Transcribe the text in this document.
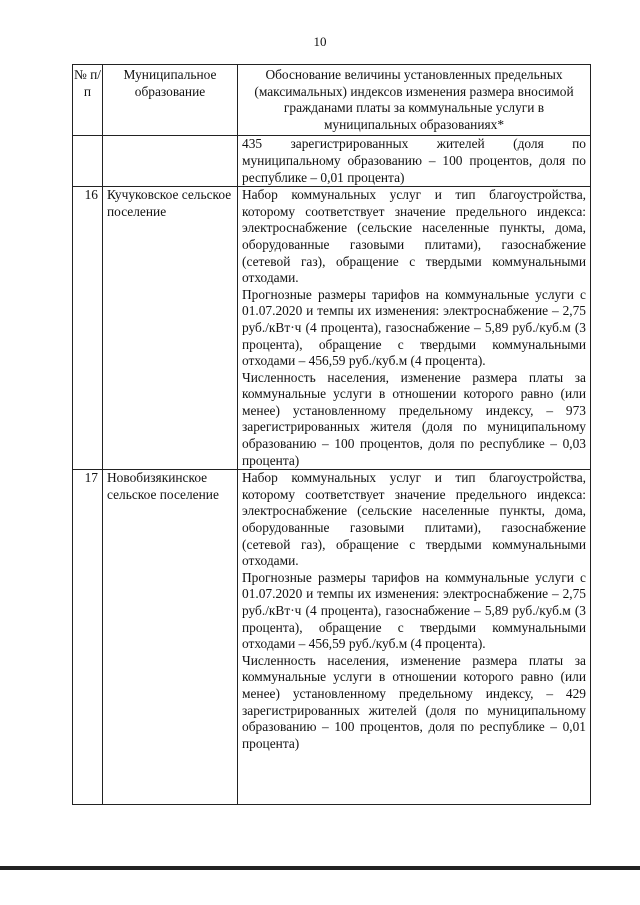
10
№ п/п	Муниципальное образование	Обоснование величины установленных предельных (максимальных) индексов изменения размера вносимой гражданами платы за коммунальные услуги в муниципальных образованиях*

		435 зарегистрированных жителей (доля по муниципальному образованию – 100 процентов, доля по республике – 0,01 процента)

16	Кучуковское сельское поселение	Набор коммунальных услуг и тип благоустройства, которому соответствует значение предельного индекса: электроснабжение (сельские населенные пункты, дома, оборудованные газовыми плитами), газоснабжение (сетевой газ), обращение с твердыми коммунальными отходами.

Прогнозные размеры тарифов на коммунальные услуги с 01.07.2020 и темпы их изменения: электроснабжение – 2,75 руб./кВт·ч (4 процента), газоснабжение – 5,89 руб./куб.м (3 процента), обращение с твердыми коммунальными отходами – 456,59 руб./куб.м (4 процента).

Численность населения, изменение размера платы за коммунальные услуги в отношении которого равно (или менее) установленному предельному индексу, – 973 зарегистрированных жителя (доля по муниципальному образованию – 100 процентов, доля по республике – 0,03 процента)

17	Новобизякинское сельское поселение	Набор коммунальных услуг и тип благоустройства, которому соответствует значение предельного индекса: электроснабжение (сельские населенные пункты, дома, оборудованные газовыми плитами), газоснабжение (сетевой газ), обращение с твердыми коммунальными отходами.

Прогнозные размеры тарифов на коммунальные услуги с 01.07.2020 и темпы их изменения: электроснабжение – 2,75 руб./кВт·ч (4 процента), газоснабжение – 5,89 руб./куб.м (3 процента), обращение с твердыми коммунальными отходами – 456,59 руб./куб.м (4 процента).

Численность населения, изменение размера платы за коммунальные услуги в отношении которого равно (или менее) установленному предельному индексу, – 429 зарегистрированных жителей (доля по муниципальному образованию – 100 процентов, доля по республике – 0,01 процента)
